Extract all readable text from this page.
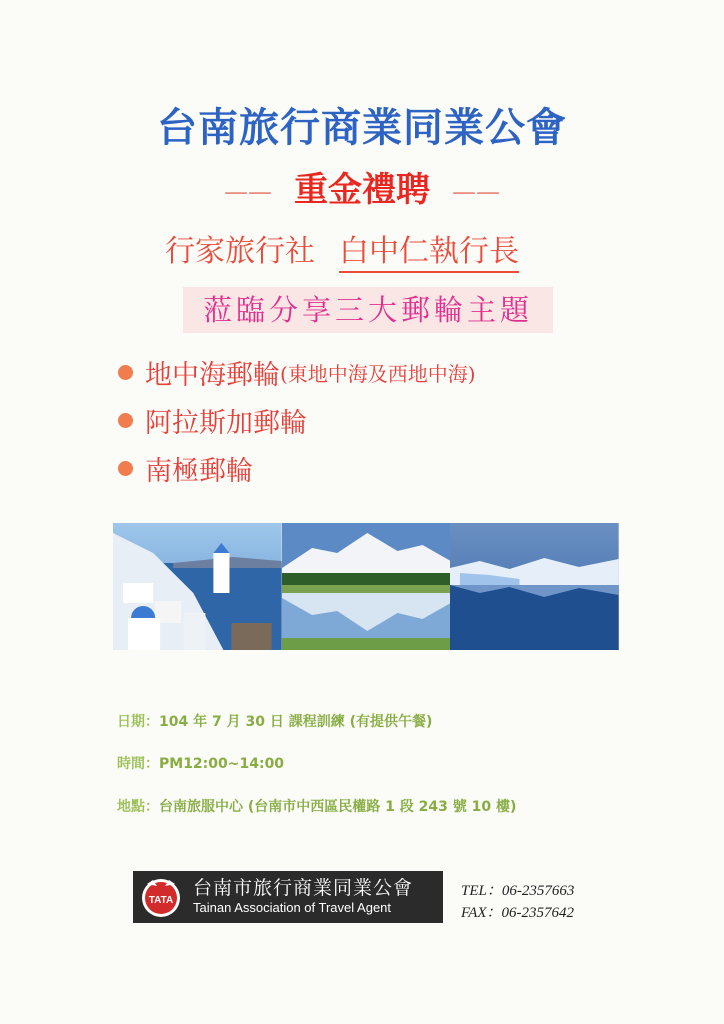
台南旅行商業同業公會
—— 重金禮聘 ——
行家旅行社 白中仁執行長
蒞臨分享三大郵輪主題
地中海郵輪 (東地中海及西地中海)
阿拉斯加郵輪
南極郵輪
日期：104 年 7 月 30 日 課程訓練 (有提供午餐)
時間：PM12:00~14:00
地點：台南旅服中心 (台南市中西區民權路 1 段 243 號 10 樓)
TATA
台南市旅行商業同業公會
Tainan Association of Travel Agent
TEL：06-2357663
FAX：06-2357642
